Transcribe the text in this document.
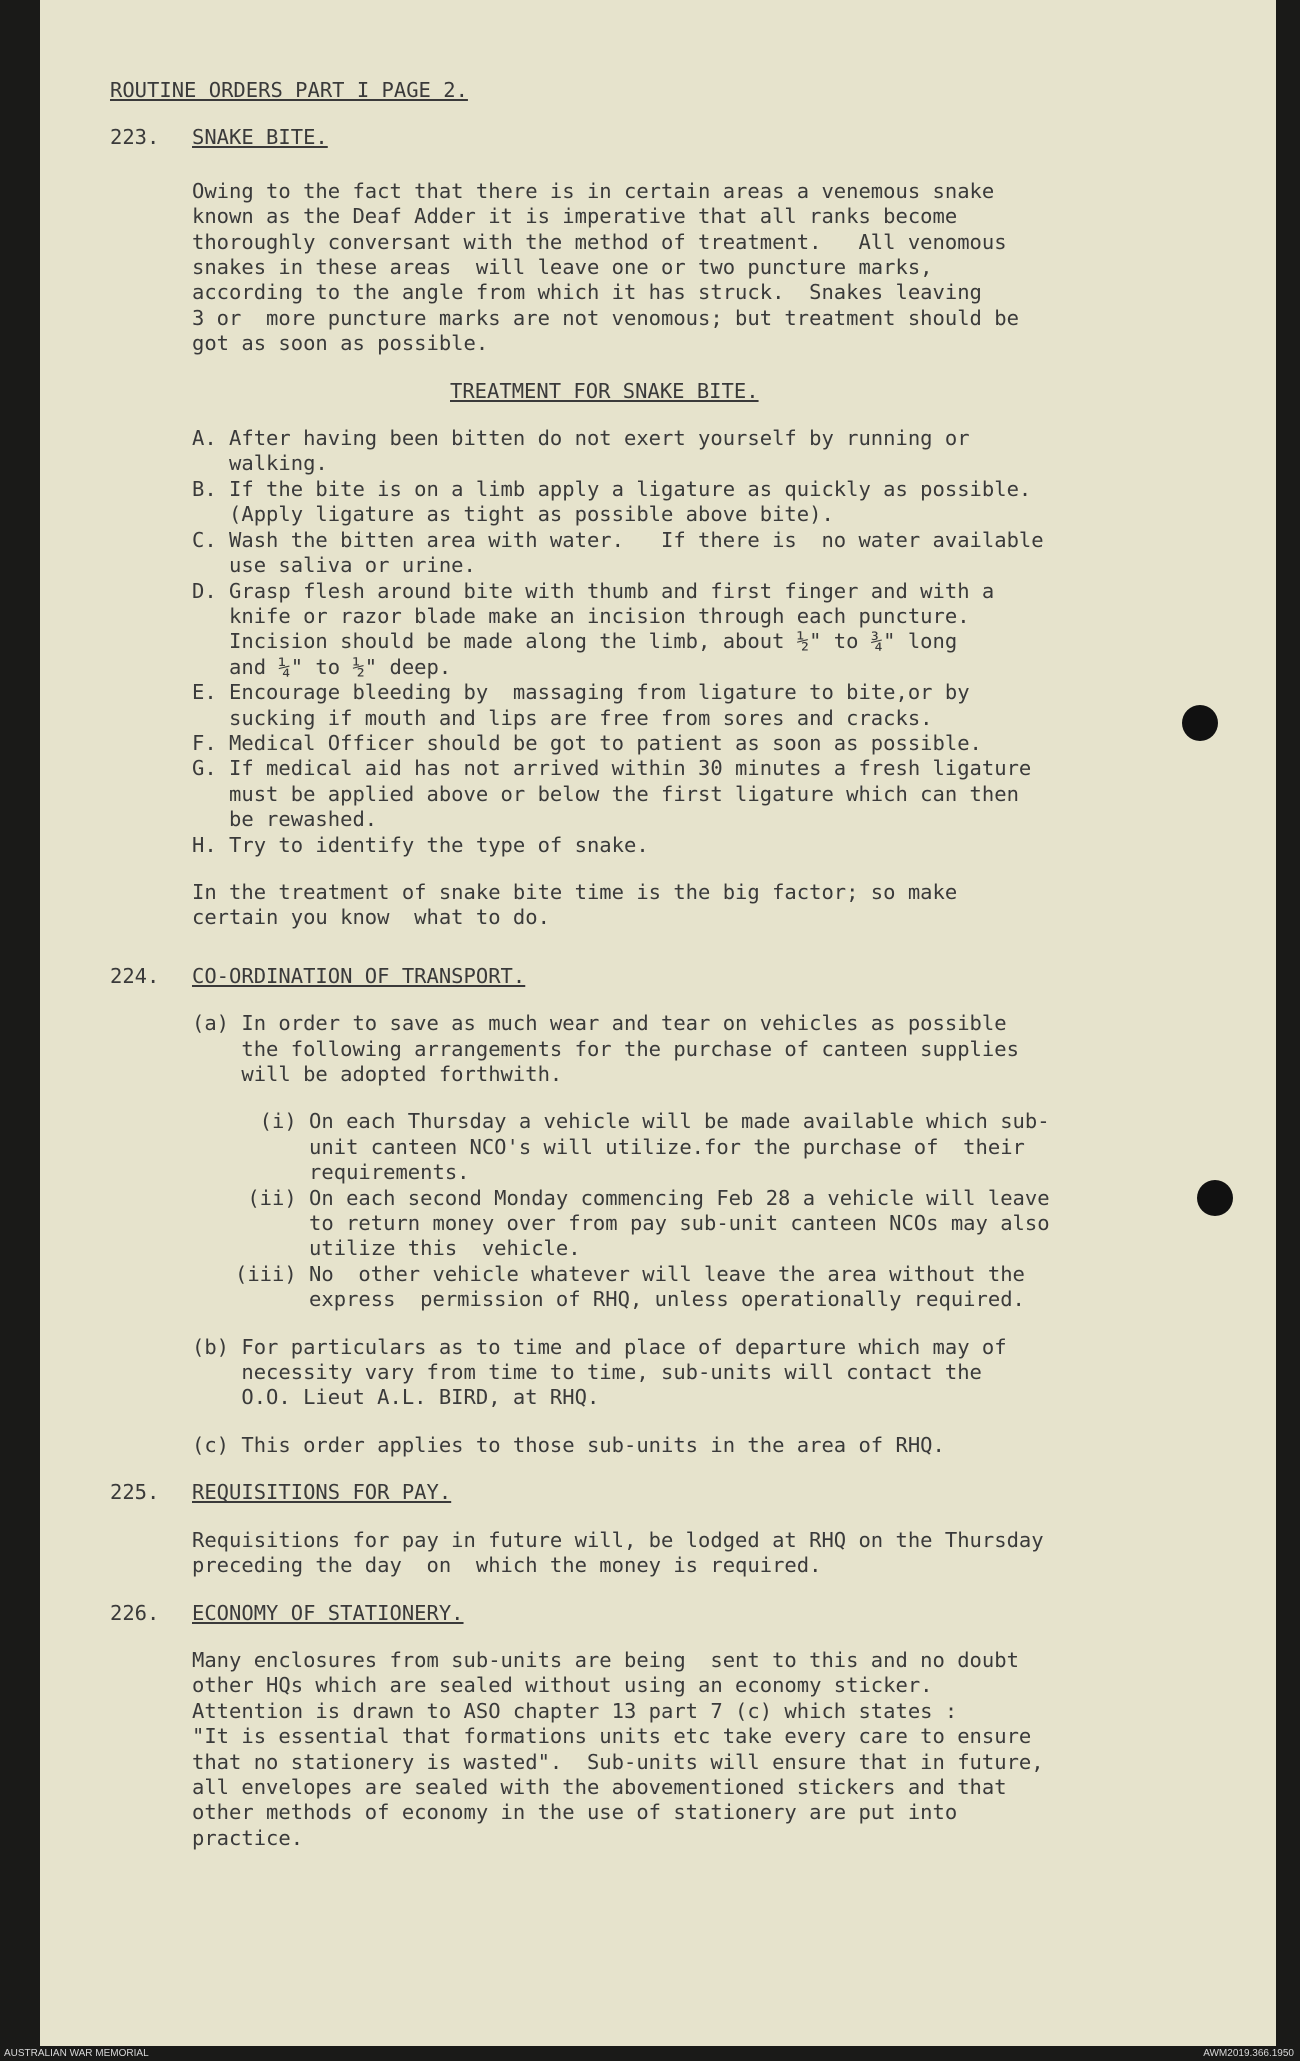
ROUTINE ORDERS PART I PAGE 2.

223. SNAKE BITE.

Owing to the fact that there is in certain areas a venemous snake

known as the Deaf Adder it is imperative that all ranks become

thoroughly conversant with the method of treatment.   All venomous

snakes in these areas  will leave one or two puncture marks,

according to the angle from which it has struck.  Snakes leaving

3 or  more puncture marks are not venomous; but treatment should be

got as soon as possible.

TREATMENT FOR SNAKE BITE.

A. After having been bitten do not exert yourself by running or

walking.

B. If the bite is on a limb apply a ligature as quickly as possible.

(Apply ligature as tight as possible above bite).

C. Wash the bitten area with water.   If there is  no water available

use saliva or urine.

D. Grasp flesh around bite with thumb and first finger and with a

knife or razor blade make an incision through each puncture.

Incision should be made along the limb, about ½" to ¾" long

and ¼" to ½" deep.

E. Encourage bleeding by  massaging from ligature to bite,or by

sucking if mouth and lips are free from sores and cracks.

F. Medical Officer should be got to patient as soon as possible.

G. If medical aid has not arrived within 30 minutes a fresh ligature

must be applied above or below the first ligature which can then

be rewashed.

H. Try to identify the type of snake.

In the treatment of snake bite time is the big factor; so make

certain you know  what to do.

224. CO-ORDINATION OF TRANSPORT.

(a) In order to save as much wear and tear on vehicles as possible

the following arrangements for the purchase of canteen supplies

will be adopted forthwith.

(i) On each Thursday a vehicle will be made available which sub-

unit canteen NCO's will utilize.for the purchase of  their

requirements.

(ii) On each second Monday commencing Feb 28 a vehicle will leave

to return money over from pay sub-unit canteen NCOs may also

utilize this  vehicle.

(iii) No  other vehicle whatever will leave the area without the

express  permission of RHQ, unless operationally required.

(b) For particulars as to time and place of departure which may of

necessity vary from time to time, sub-units will contact the

O.O. Lieut A.L. BIRD, at RHQ.

(c) This order applies to those sub-units in the area of RHQ.

225. REQUISITIONS FOR PAY.

Requisitions for pay in future will, be lodged at RHQ on the Thursday

preceding the day  on  which the money is required.

226. ECONOMY OF STATIONERY.

Many enclosures from sub-units are being  sent to this and no doubt

other HQs which are sealed without using an economy sticker.

Attention is drawn to ASO chapter 13 part 7 (c) which states :

"It is essential that formations units etc take every care to ensure

that no stationery is wasted".  Sub-units will ensure that in future,

all envelopes are sealed with the abovementioned stickers and that

other methods of economy in the use of stationery are put into

practice.

AUSTRALIAN WAR MEMORIAL	AWM2019.366.1950
